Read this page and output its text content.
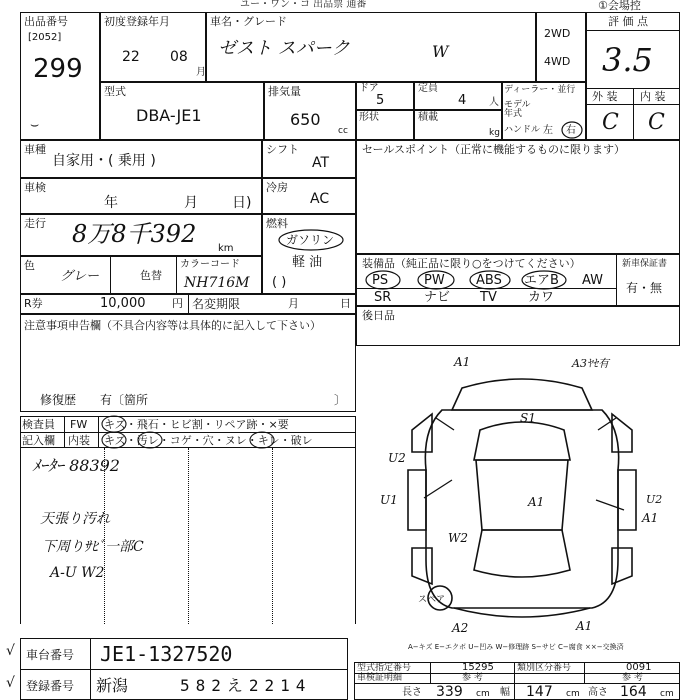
ユー・ワン・コ 出品票 通番	①会場控
出品番号
[2052]
299
⌣
初度登録年月
22 08
月
車名・グレード
ゼスト スパーク	W
2WD
4WD
評 価 点
3.5
外 装 内 装
C C
型式
DBA-JE1
排気量
650
cc
ドア
5
定員
4 人
形状	積載
kg
ディーラー・並行
モデル年式
ハンドル 左 右
車種
自家用・( 乗用 )
シフト
AT
車検
年	月 日)
冷房
AC
走行 8万8千392
km
燃料
ガソリン
軽 油
( )
色
グレー	色替
カラーコード
NH716M
R券	10,000 円 名変期限	月	日
セールスポイント（正常に機能するものに限ります）
装備品（純正品に限り○をつけてください）
PS	PW ABS エアB AW
SR	ナビ TV カワ
新車保証書
有・無
後日品
注意事項申告欄（不具合内容等は具体的に記入して下さい）
修復歴 有〔箇所	〕
検査員
記入欄
FW
内装
キズ・飛石・ヒビ割・リペア跡・×要
キズ・汚レ・コゲ・穴・ヌレ・キレ・破レ
ﾒｰﾀｰ 88392
天張り汚れ
下周りｻﾋﾞ一部C
A-U W2
A1	A3ﾔｾ有
S1
U2
U1	A1	U2
A1
W2
A2	A1
スペア
A−キズ E−エクボ U−凹み W−修理跡 S−サビ C−腐食 ××−交換済
車台番号 JE1-1327520
登録番号 新潟	582え2214
√
√
型式指定番号	15295	類別区分番号	0091
車検証明細	参 考	参 考
長さ 339 cm 幅 147 cm 高さ 164 cm
